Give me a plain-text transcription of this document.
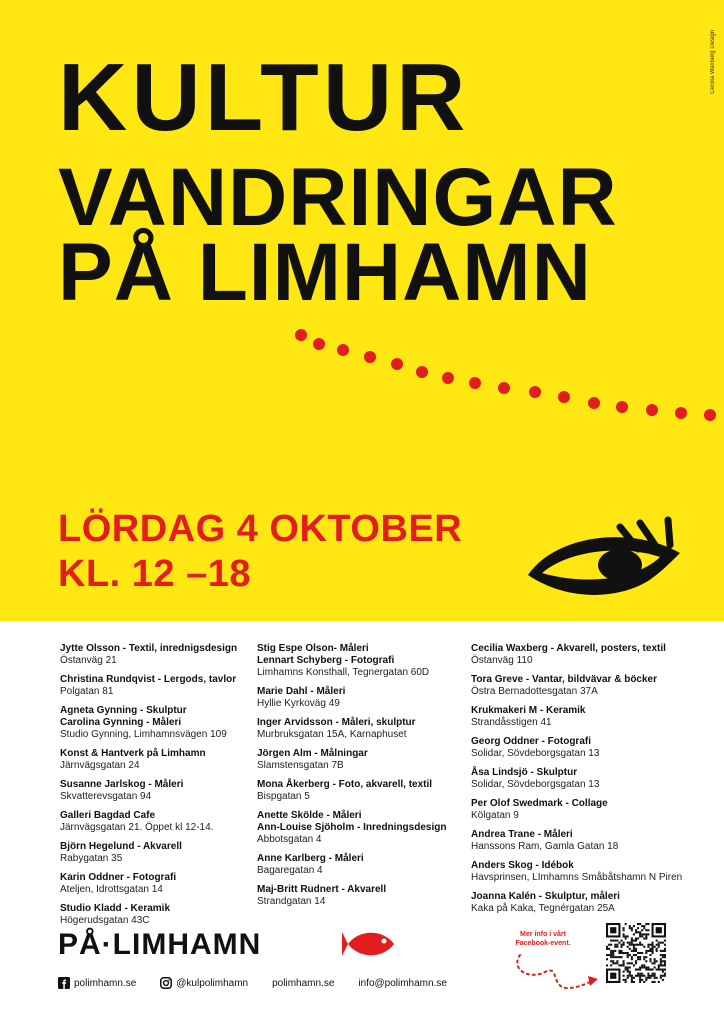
KULTUR
VANDRINGAR
PÅ LIMHAMN
Cecilia Waxberg Design
LÖRDAG 4 OKTOBER
KL. 12 –18
Jytte Olsson - Textil, inrednigsdesign
Östanväg 21
Christina Rundqvist - Lergods, tavlor
Polgatan 81
Agneta Gynning - Skulptur
Carolina Gynning - Måleri
Studio Gynning, Limhamnsvägen 109
Konst & Hantverk på Limhamn
Järnvägsgatan 24
Susanne Jarlskog - Måleri
Skvatterevsgatan 94
Galleri Bagdad Cafe
Järnvägsgatan 21. Öppet kl 12-14.
Björn Hegelund - Akvarell
Rabygatan 35
Karin Oddner - Fotografi
Ateljen, Idrottsgatan 14
Studio Kladd - Keramik
Högerudsgatan 43C
Stig Espe Olson- Måleri
Lennart Schyberg - Fotografi
Limhamns Konsthall, Tegnergatan 60D
Marie Dahl - Måleri
Hyllie Kyrkoväg 49
Inger Arvidsson - Måleri, skulptur
Murbruksgatan 15A, Karnaphuset
Jörgen Alm - Målningar
Slamstensgatan 7B
Mona Åkerberg - Foto, akvarell, textil
Bispgatan 5
Anette Skölde - Måleri
Ann-Louise Sjöholm - Inredningsdesign
Abbotsgatan 4
Anne Karlberg - Måleri
Bagaregatan 4
Maj-Britt Rudnert - Akvarell
Strandgatan 14
Cecilia Waxberg - Akvarell, posters, textil
Östanväg 110
Tora Greve - Vantar, bildvävar & böcker
Östra Bernadottesgatan 37A
Krukmakeri M - Keramik
Strandåsstigen 41
Georg Oddner - Fotografi
Solidar, Sövdeborgsgatan 13
Åsa Lindsjö - Skulptur
Solidar, Sövdeborgsgatan 13
Per Olof Swedmark - Collage
Kölgatan 9
Andrea Trane - Måleri
Hanssons Ram, Gamla Gatan 18
Anders Skog - Idébok
Havsprinsen, LImhamns Småbåtshamn N Piren
Joanna Kalén - Skulptur, måleri
Kaka på Kaka, Tegnérgatan 25A
PÅ·LIMHAMN	Mer info i vårt Facebook-event.
polimhamn.se	@kulpolimhamn polimhamn.se info@polimhamn.se
